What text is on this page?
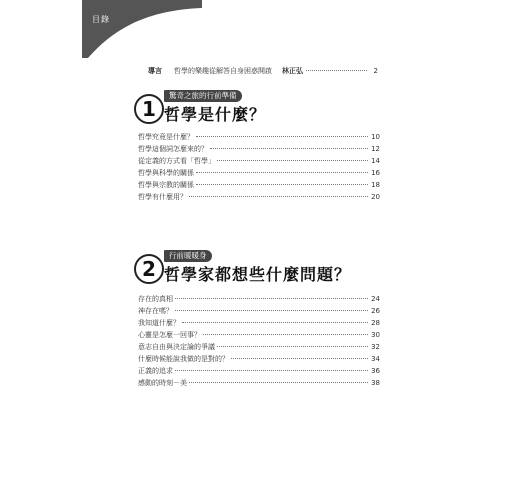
目錄
導言 哲學的樂趣從解答自身困惑開啟 林正弘	2
1
驚奇之旅的行前準備
哲學是什麼？
哲學究竟是什麼？	10
哲學這個詞怎麼來的？	12
從定義的方式看「哲學」	14
哲學與科學的關係	16
哲學與宗教的關係	18
哲學有什麼用？	20
2
行前暖暖身
哲學家都想些什麼問題？
存在的真相	24
神存在嗎？	26
我知道什麼？	28
心靈是怎麼一回事？	30
意志自由與決定論的爭議	32
什麼時候能說我做的是對的？	34
正義的追求	36
感動的時刻－美	38
